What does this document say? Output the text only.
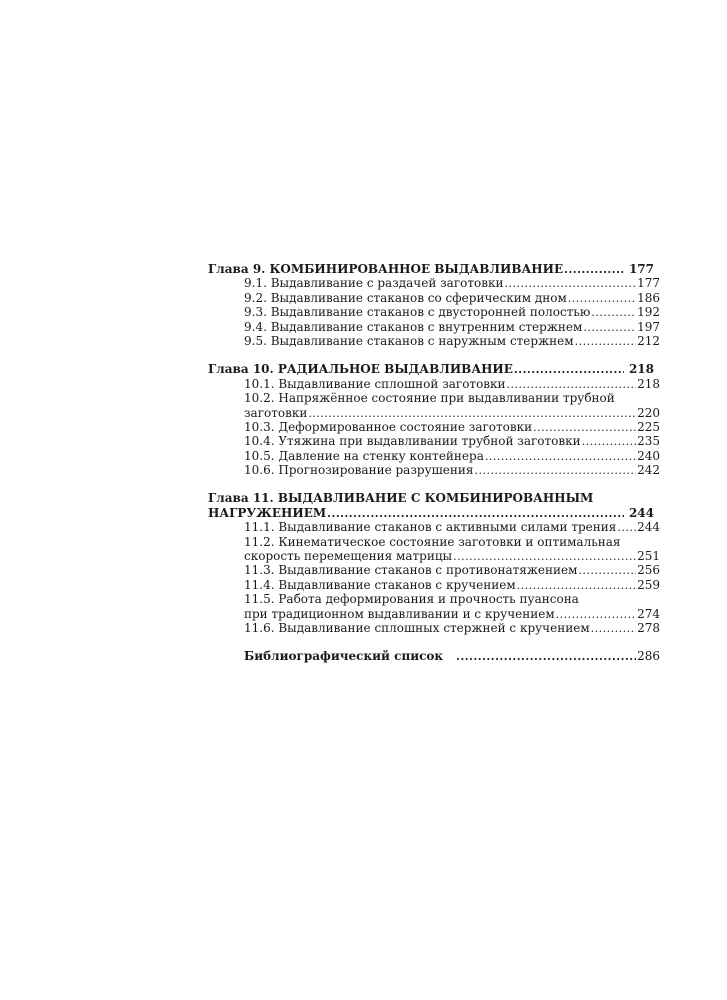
Глава 9. КОМБИНИРОВАННОЕ ВЫДАВЛИВАНИЕ .....	177
9.1. Выдавливание с раздачей заготовки .....	177
9.2. Выдавливание стаканов со сферическим дном .....	186
9.3. Выдавливание стаканов с двусторонней полостью .....	192
9.4. Выдавливание стаканов с внутренним стержнем .....	197
9.5. Выдавливание стаканов с наружным стержнем .....	212
Глава 10. РАДИАЛЬНОЕ ВЫДАВЛИВАНИЕ .....	218
10.1. Выдавливание сплошной заготовки .....	218
10.2. Напряжённое состояние при выдавливании трубной
заготовки .....	220
10.3. Деформированное состояние заготовки .....	225
10.4. Утяжина при выдавливании трубной заготовки .....	235
10.5. Давление на стенку контейнера .....	240
10.6. Прогнозирование разрушения .....	242
Глава 11. ВЫДАВЛИВАНИЕ С КОМБИНИРОВАННЫМ
НАГРУЖЕНИЕМ .....	244
11.1. Выдавливание стаканов с активными силами трения ..... 244
11.2. Кинематическое состояние заготовки и оптимальная
скорость перемещения матрицы .....	251
11.3. Выдавливание стаканов с противонатяжением .....	256
11.4. Выдавливание стаканов с кручением .....	259
11.5. Работа деформирования и прочность пуансона
при традиционном выдавливании и с кручением .....	274
11.6. Выдавливание сплошных стержней с кручением .....	278
Библиографический список .....	286
